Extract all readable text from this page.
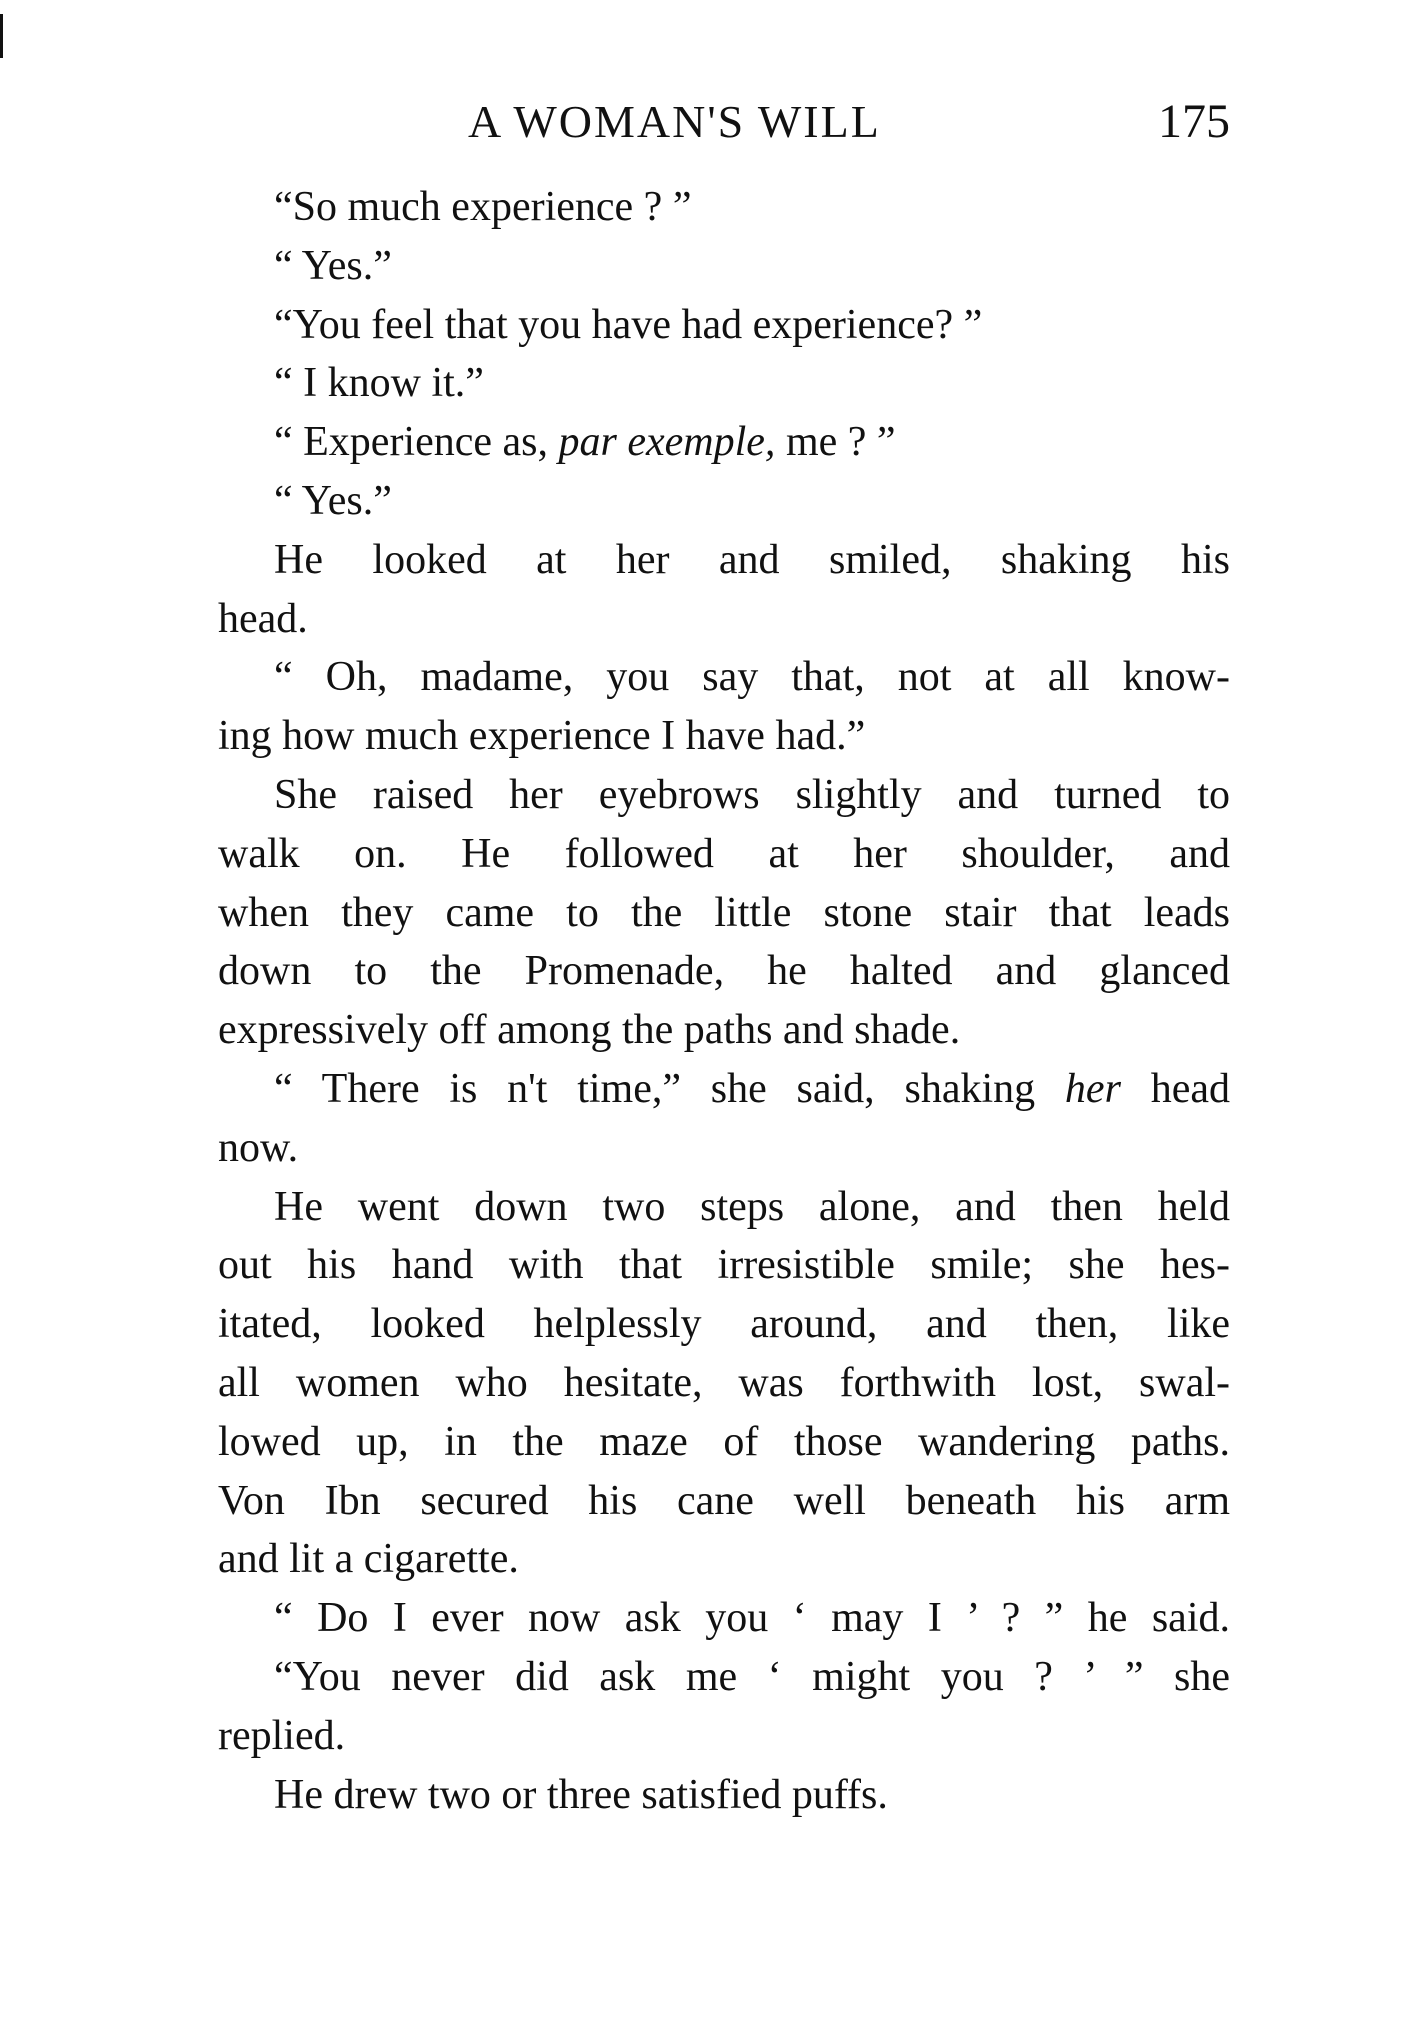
A WOMAN'S WILL	175
“So much experience ? ”
“ Yes.”
“You feel that you have had experience? ”
“ I know it.”
“ Experience as, par exemple, me ? ”
“ Yes.”
He looked at her and smiled, shaking his
head.
“ Oh, madame, you say that, not at all know-
ing how much experience I have had.”
She raised her eyebrows slightly and turned to
walk on. He followed at her shoulder, and
when they came to the little stone stair that leads
down to the Promenade, he halted and glanced
expressively off among the paths and shade.
“ There is n't time,” she said, shaking her head
now.
He went down two steps alone, and then held
out his hand with that irresistible smile; she hes-
itated, looked helplessly around, and then, like
all women who hesitate, was forthwith lost, swal-
lowed up, in the maze of those wandering paths.
Von Ibn secured his cane well beneath his arm
and lit a cigarette.
“ Do I ever now ask you ‘ may I ’ ? ” he said.
“You never did ask me ‘ might you ? ’ ” she
replied.
He drew two or three satisfied puffs.
